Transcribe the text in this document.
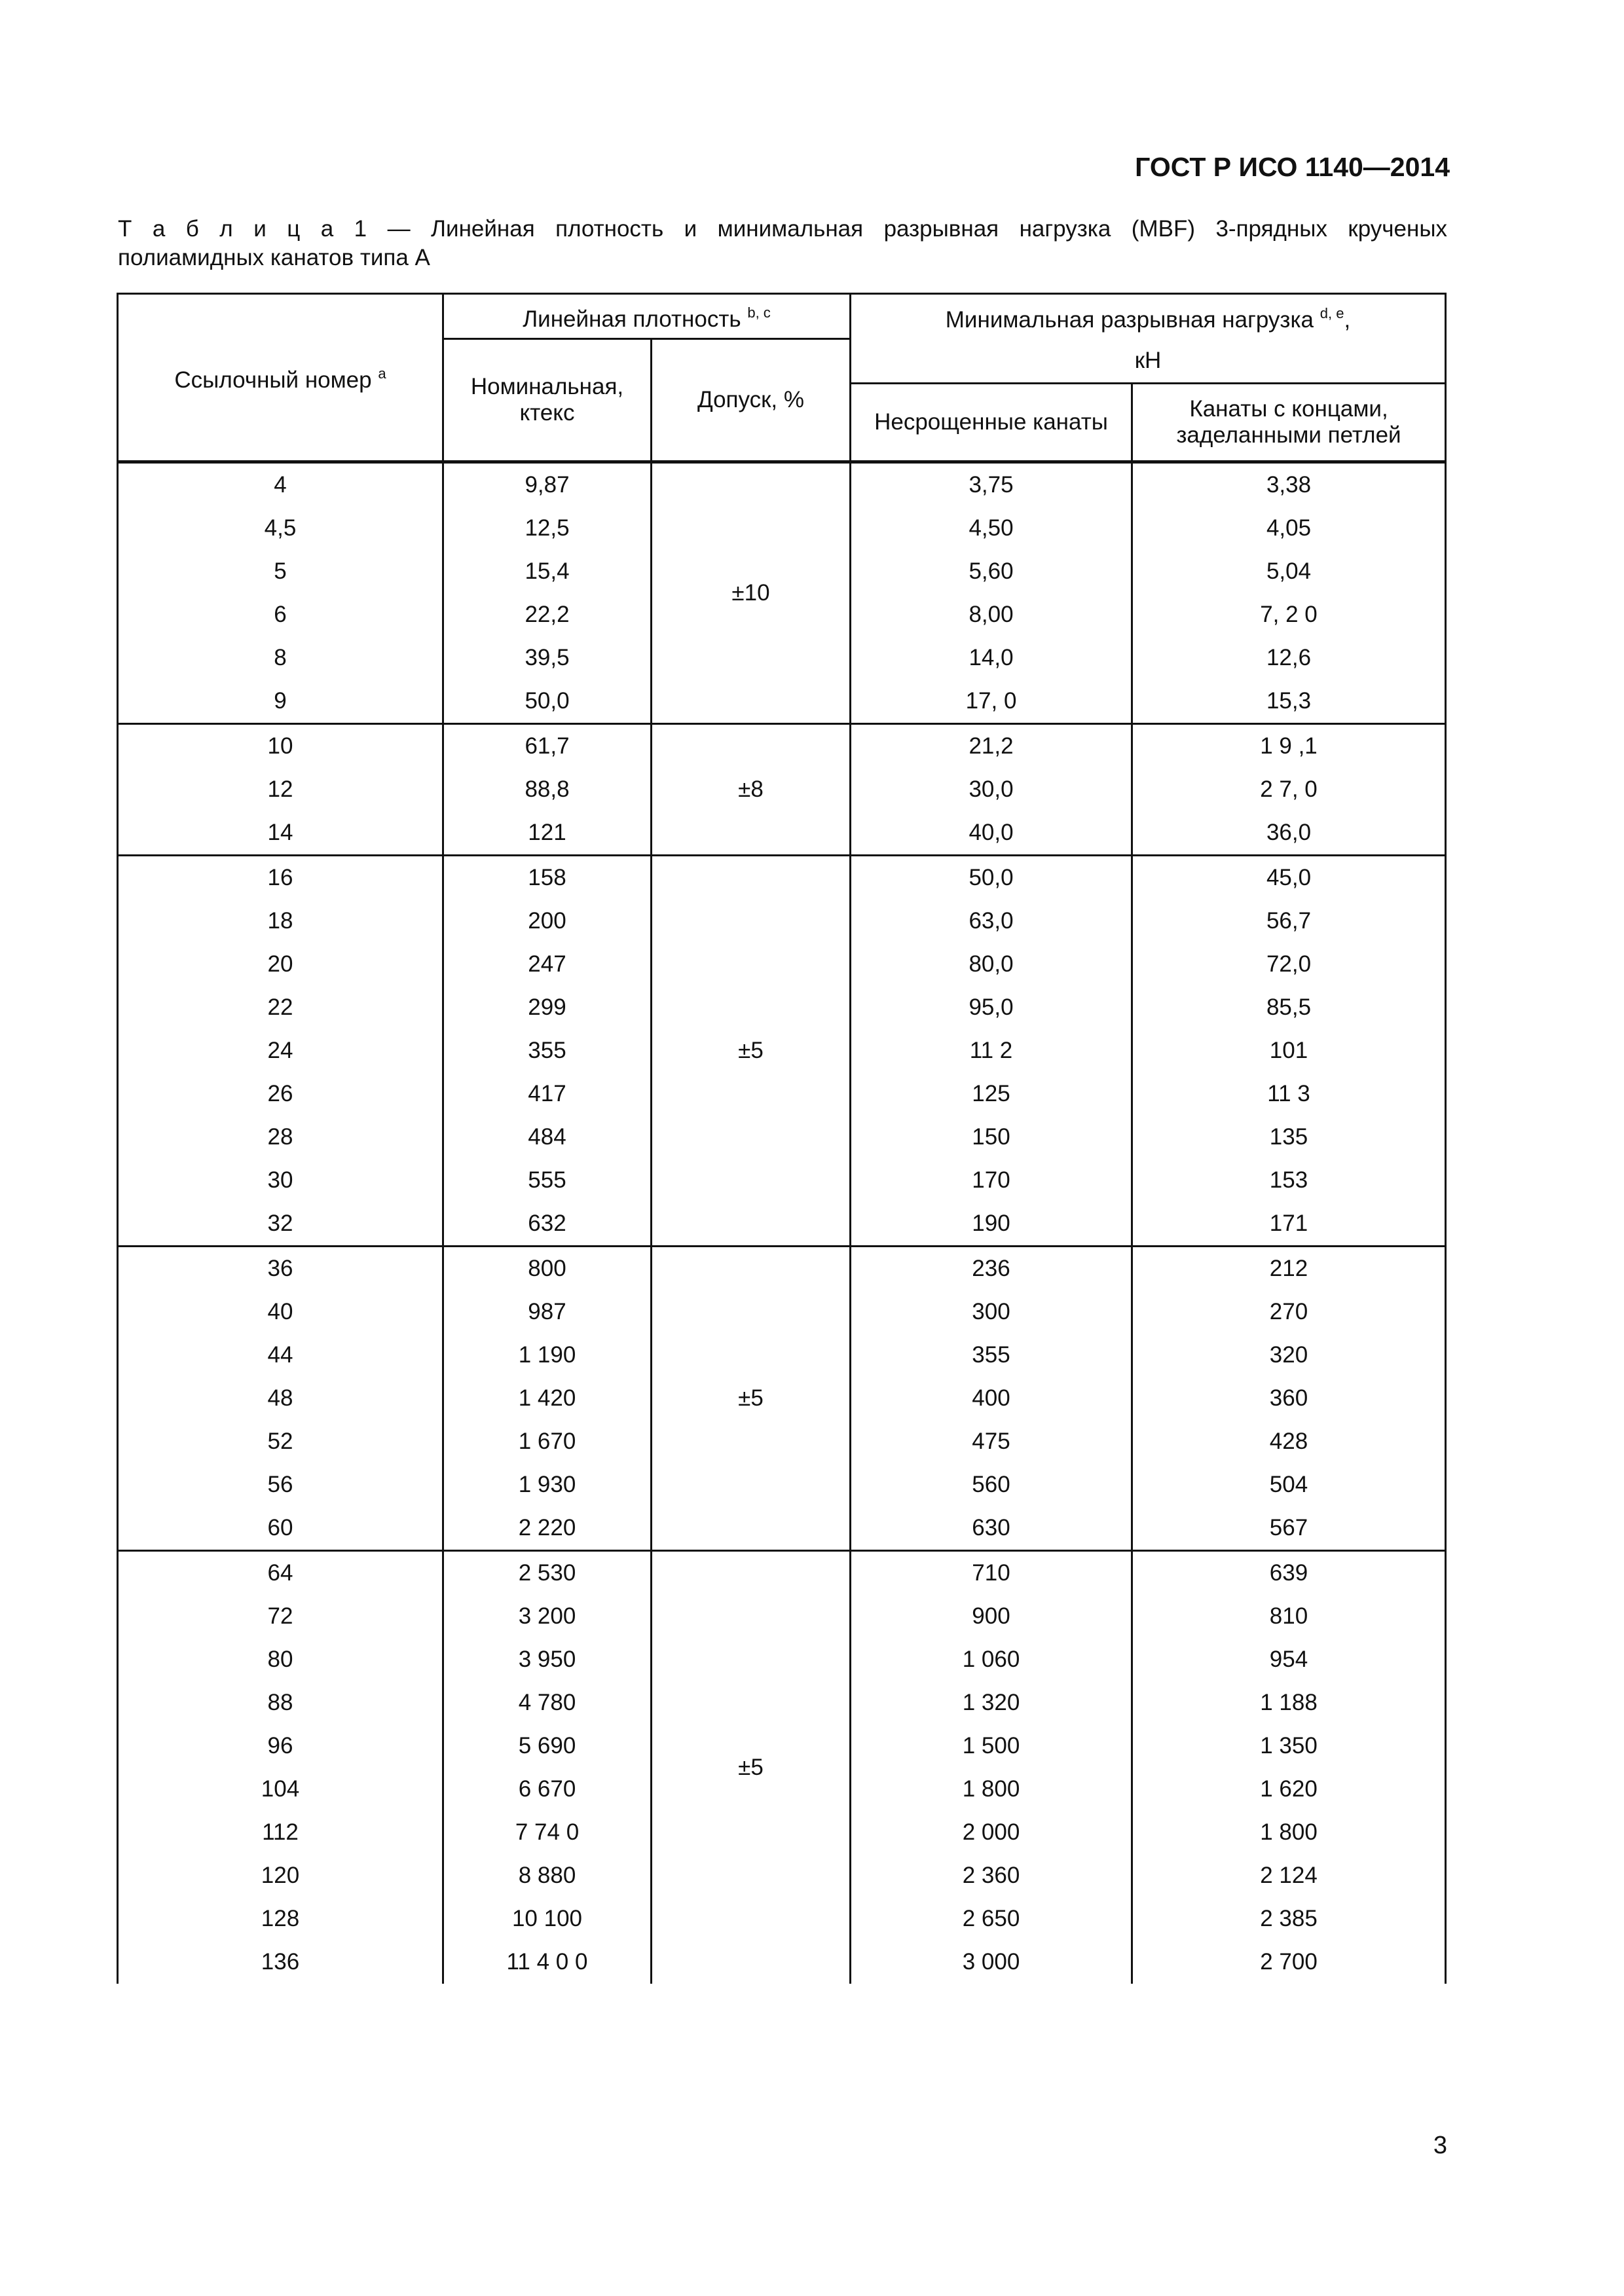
ГОСТ Р ИСО 1140—2014
Т а б л и ц а 1 — Линейная плотность и минимальная разрывная нагрузка (MBF) 3-прядных крученых
полиамидных канатов типа А
Ссылочный номер $^a$	Линейная плотность $^{b, c}$		Минимальная разрывная нагрузка $^{d, e}$,	
	Номинальная, ктекс	Допуск, %	кН	
			Несрощенные канаты	Канаты с концами, заделанными петлей
4	9,87	±10	3,75	3,38
4,5	12,5		4,50	4,05
5	15,4		5,60	5,04
6	22,2		8,00	7, 2 0
8	39,5		14,0	12,6
9	50,0		17, 0	15,3
10	61,7	±8	21,2	1 9 ,1
12	88,8		30,0	2 7, 0
14	121		40,0	36,0
16	158	±5	50,0	45,0
18	200		63,0	56,7
20	247		80,0	72,0
22	299		95,0	85,5
24	355		11 2	101
26	417		125	11 3
28	484		150	135
30	555		170	153
32	632		190	171
36	800	±5	236	212
40	987		300	270
44	1 190		355	320
48	1 420		400	360
52	1 670		475	428
56	1 930		560	504
60	2 220		630	567
64	2 530	±5	710	639
72	3 200		900	810
80	3 950		1 060	954
88	4 780		1 320	1 188
96	5 690		1 500	1 350
104	6 670		1 800	1 620
112	7 74 0		2 000	1 800
120	8 880		2 360	2 124
128	10 100		2 650	2 385
136	11 4 0 0		3 000	2 700
3
